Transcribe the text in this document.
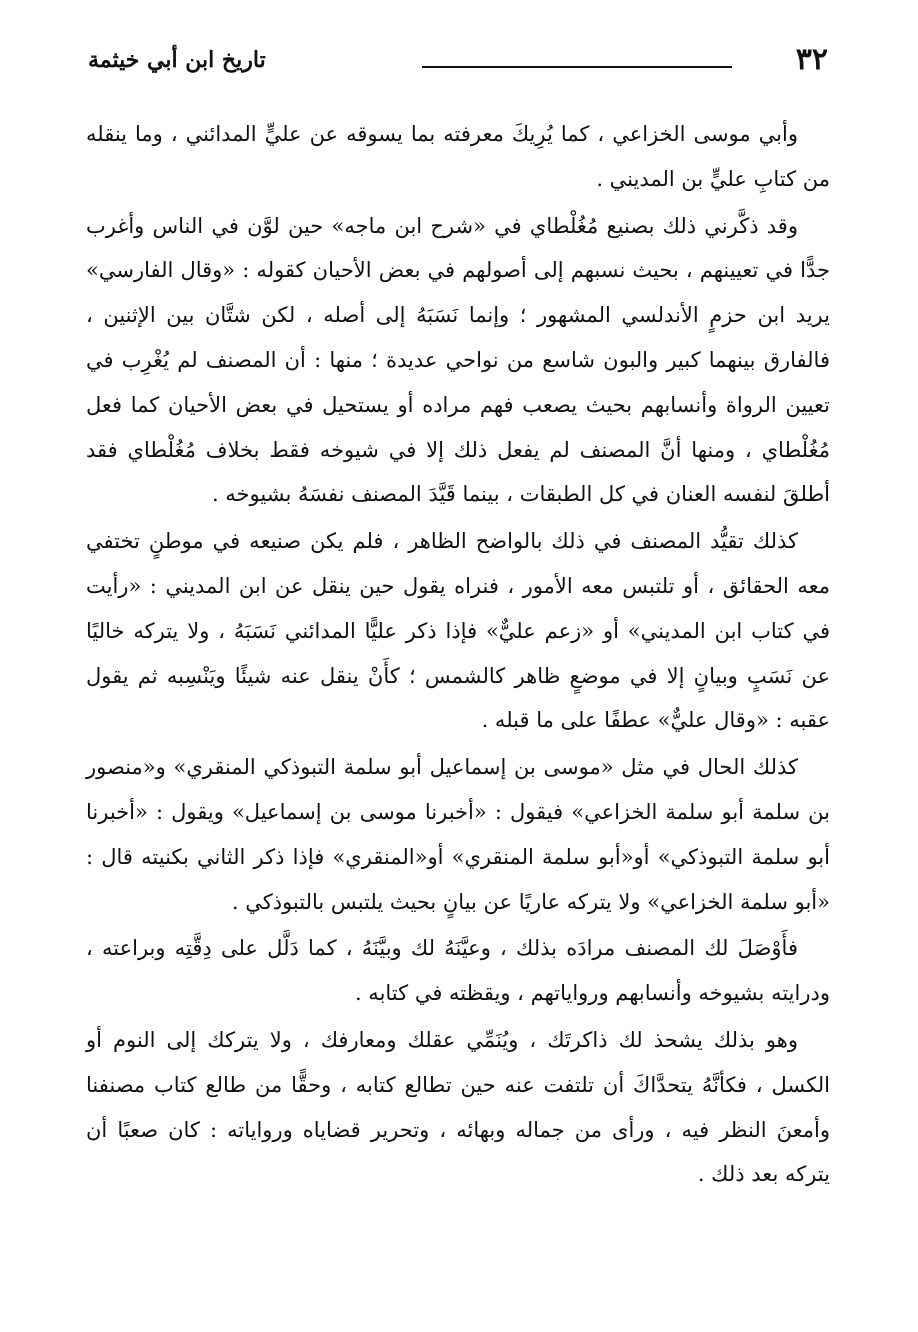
٣٢
تاريخ ابن أبي خيثمة

وأبي موسى الخزاعي ، كما يُرِيكَ معرفته بما يسوقه عن عليٍّ المدائني ، وما ينقله من كتابِ عليٍّ بن المديني .

وقد ذكَّرني ذلك بصنيع مُغُلْطاي في «شرح ابن ماجه» حين لوَّن في الناس وأغرب جدًّا في تعيينهم ، بحيث نسبهم إلى أصولهم في بعض الأحيان كقوله : «وقال الفارسي» يريد ابن حزمٍ الأندلسي المشهور ؛ وإنما نَسَبَهُ إلى أصله ، لكن شتَّان بين الإثنين ، فالفارق بينهما كبير والبون شاسع من نواحي عديدة ؛ منها : أن المصنف لم يُغْرِب في تعيين الرواة وأنسابهم بحيث يصعب فهم مراده أو يستحيل في بعض الأحيان كما فعل مُغُلْطاي ، ومنها أنَّ المصنف لم يفعل ذلك إلا في شيوخه فقط بخلاف مُغُلْطاي فقد أطلقَ لنفسه العنان في كل الطبقات ، بينما قَيَّدَ المصنف نفسَهُ بشيوخه .

كذلك تقيُّد المصنف في ذلك بالواضح الظاهر ، فلم يكن صنيعه في موطنٍ تختفي معه الحقائق ، أو تلتبس معه الأمور ، فنراه يقول حين ينقل عن ابن المديني : «رأيت في كتاب ابن المديني» أو «زعم عليٌّ» فإذا ذكر عليًّا المدائني نَسَبَهُ ، ولا يتركه خاليًا عن نَسَبٍ وبيانٍ إلا في موضعٍ ظاهر كالشمس ؛ كأَنْ ينقل عنه شيئًا ويَنْسِبه ثم يقول عقبه : «وقال عليٌّ» عطفًا على ما قبله .

كذلك الحال في مثل «موسى بن إسماعيل أبو سلمة التبوذكي المنقري» و«منصور بن سلمة أبو سلمة الخزاعي» فيقول : «أخبرنا موسى بن إسماعيل» ويقول : «أخبرنا أبو سلمة التبوذكي» أو«أبو سلمة المنقري» أو«المنقري» فإذا ذكر الثاني بكنيته قال : «أبو سلمة الخزاعي» ولا يتركه عاريًا عن بيانٍ بحيث يلتبس بالتبوذكي .

فأَوْصَلَ لك المصنف مرادَه بذلك ، وعيَّنَهُ لك وبيَّنَهُ ، كما دَلَّل على دِقَّتِه وبراعته ، ودرايته بشيوخه وأنسابهم ورواياتهم ، ويقظته في كتابه .

وهو بذلك يشحذ لك ذاكرتَك ، ويُنَمِّي عقلك ومعارفك ، ولا يتركك إلى النوم أو الكسل ، فكأنَّهُ يتحدَّاكَ أن تلتفت عنه حين تطالع كتابه ، وحقًّا من طالع كتاب مصنفنا وأمعنَ النظر فيه ، ورأى من جماله وبهائه ، وتحرير قضاياه ورواياته : كان صعبًا أن يتركه بعد ذلك .
